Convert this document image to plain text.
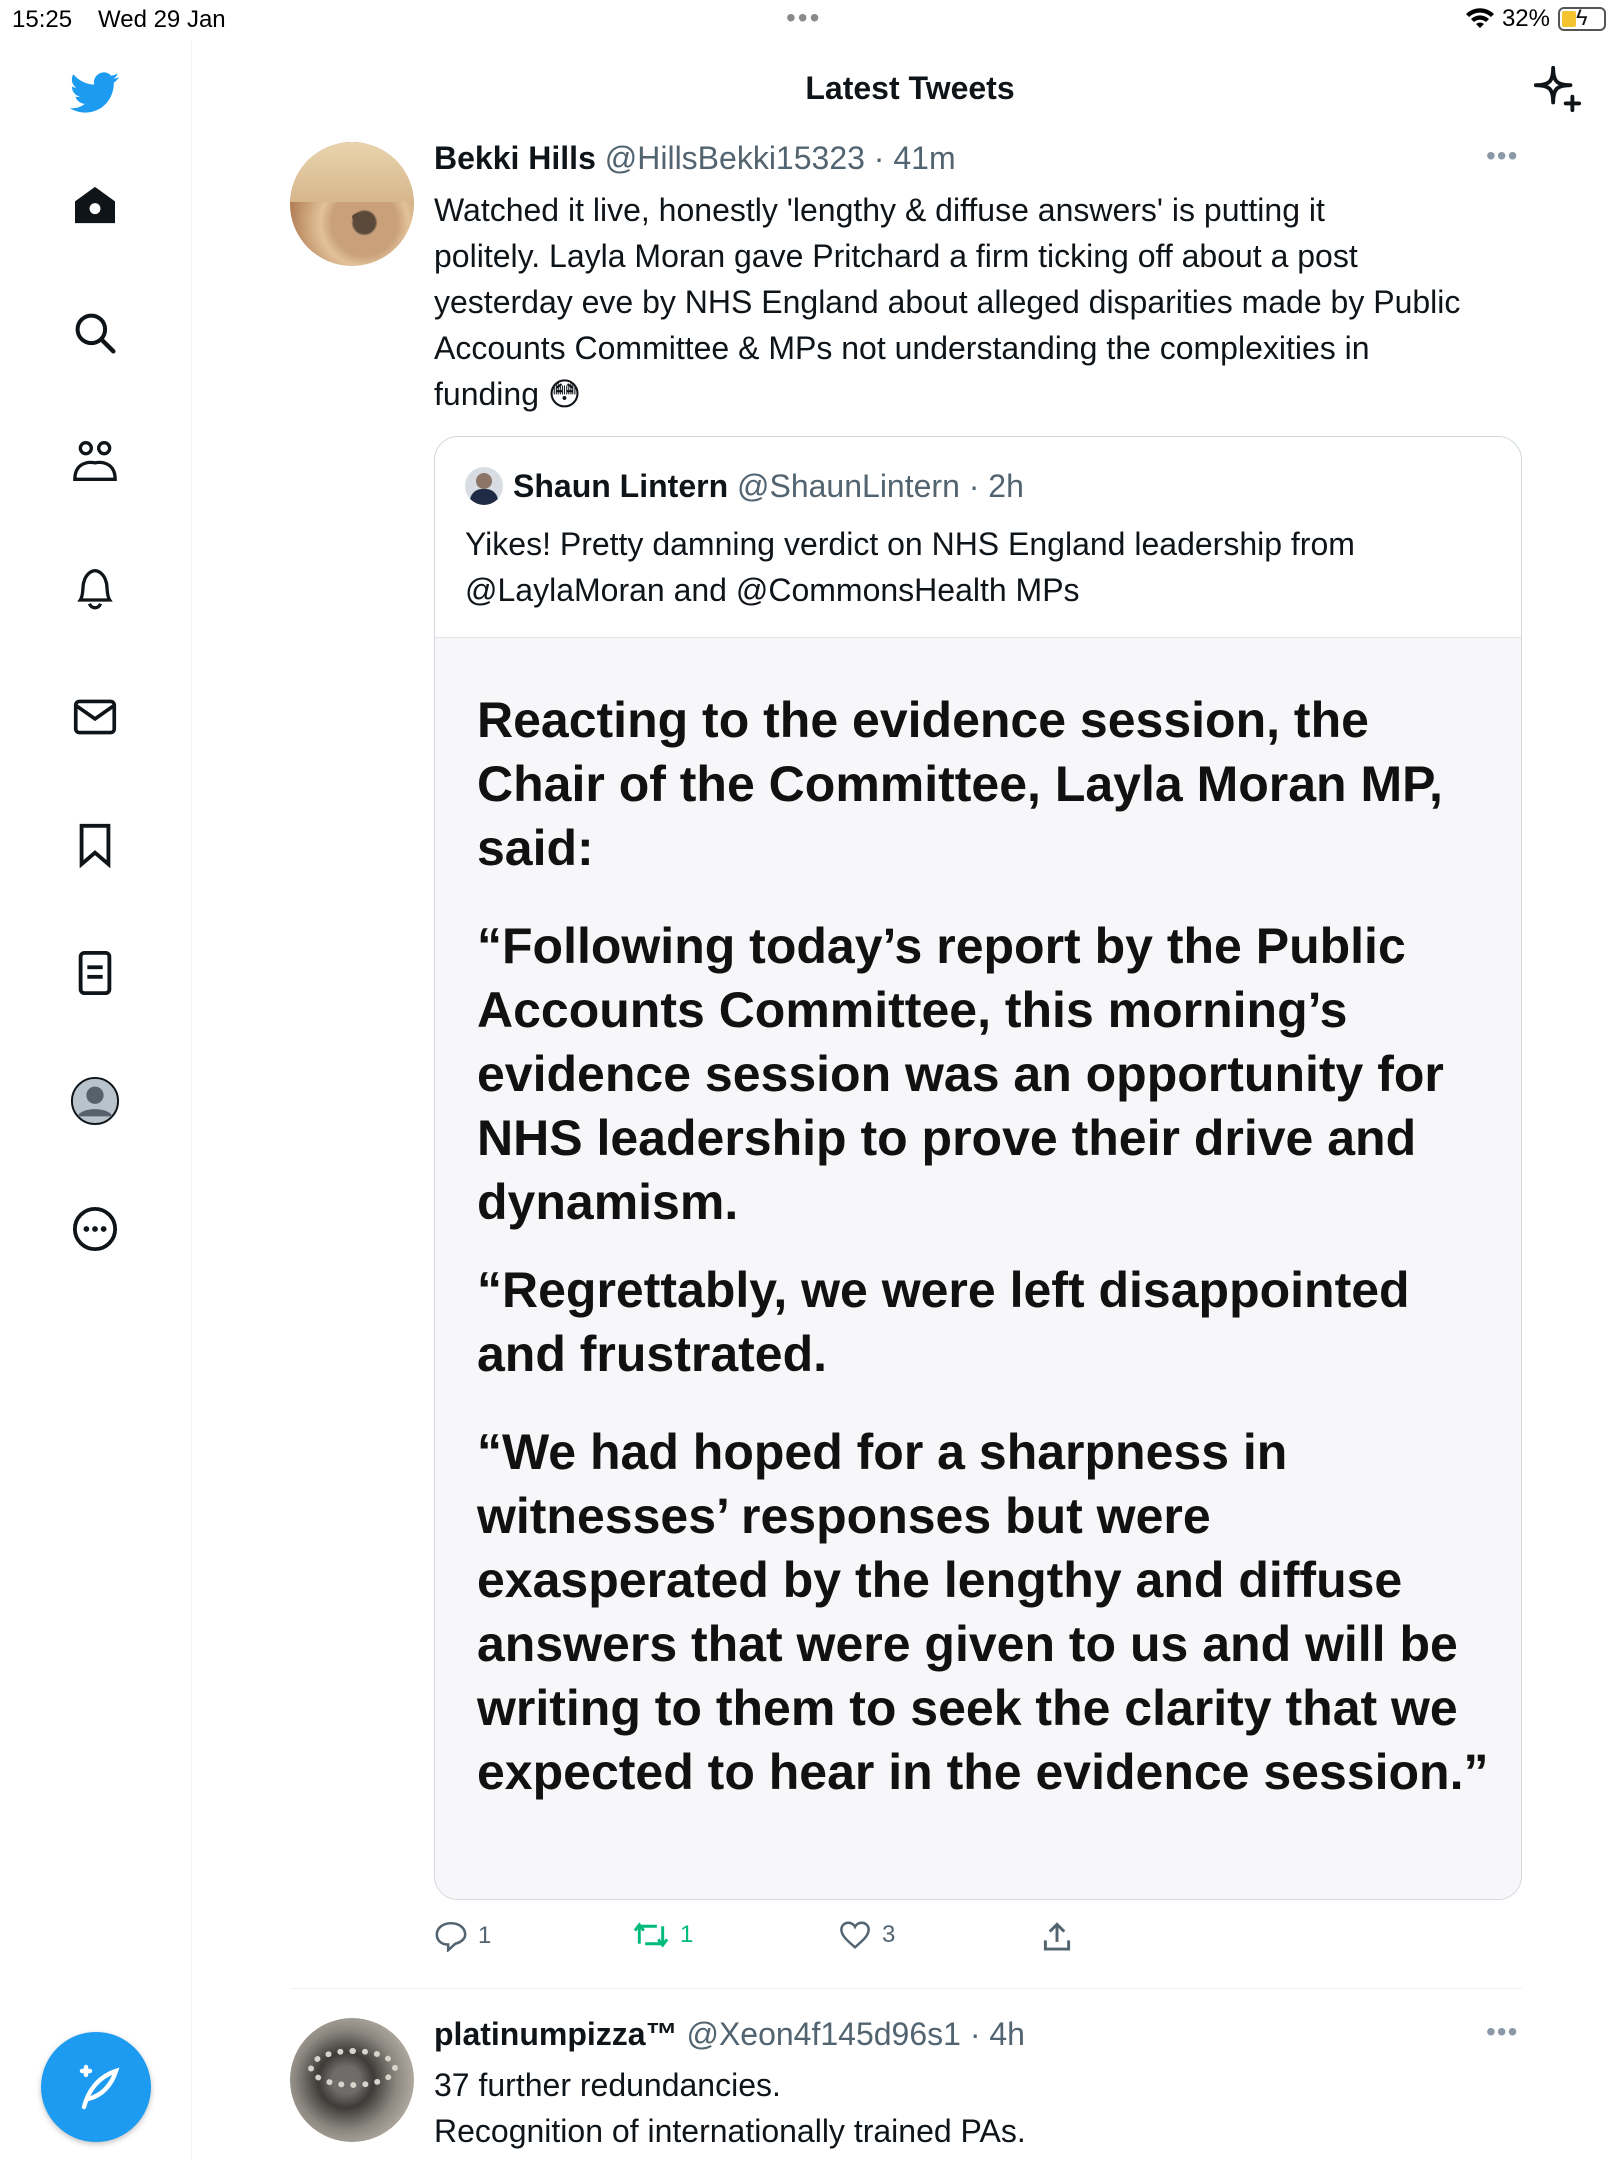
15:25 Wed 29 Jan	•••	32% ϟ
Latest Tweets
Bekki Hills @HillsBekki15323 · 41m	•••
Watched it live, honestly 'lengthy & diffuse answers' is putting it
politely. Layla Moran gave Pritchard a firm ticking off about a post
yesterday eve by NHS England about alleged disparities made by Public
Accounts Committee & MPs not understanding the complexities in
funding 😳
Shaun Lintern
@ShaunLintern · 2h
Yikes! Pretty damning verdict on NHS England leadership from
@LaylaMoran and @CommonsHealth MPs
Reacting to the evidence session, the Chair of the Committee, Layla Moran MP, said:
“Following today’s report by the Public Accounts Committee, this morning’s evidence session was an opportunity for NHS leadership to prove their drive and dynamism.
“Regrettably, we were left disappointed and frustrated.
“We had hoped for a sharpness in witnesses’ responses but were exasperated by the lengthy and diffuse answers that were given to us and will be writing to them to seek the clarity that we expected to hear in the evidence session.”
1	1	3
platinumpizza™ @Xeon4f145d96s1 · 4h	•••
37 further redundancies.
Recognition of internationally trained PAs.
